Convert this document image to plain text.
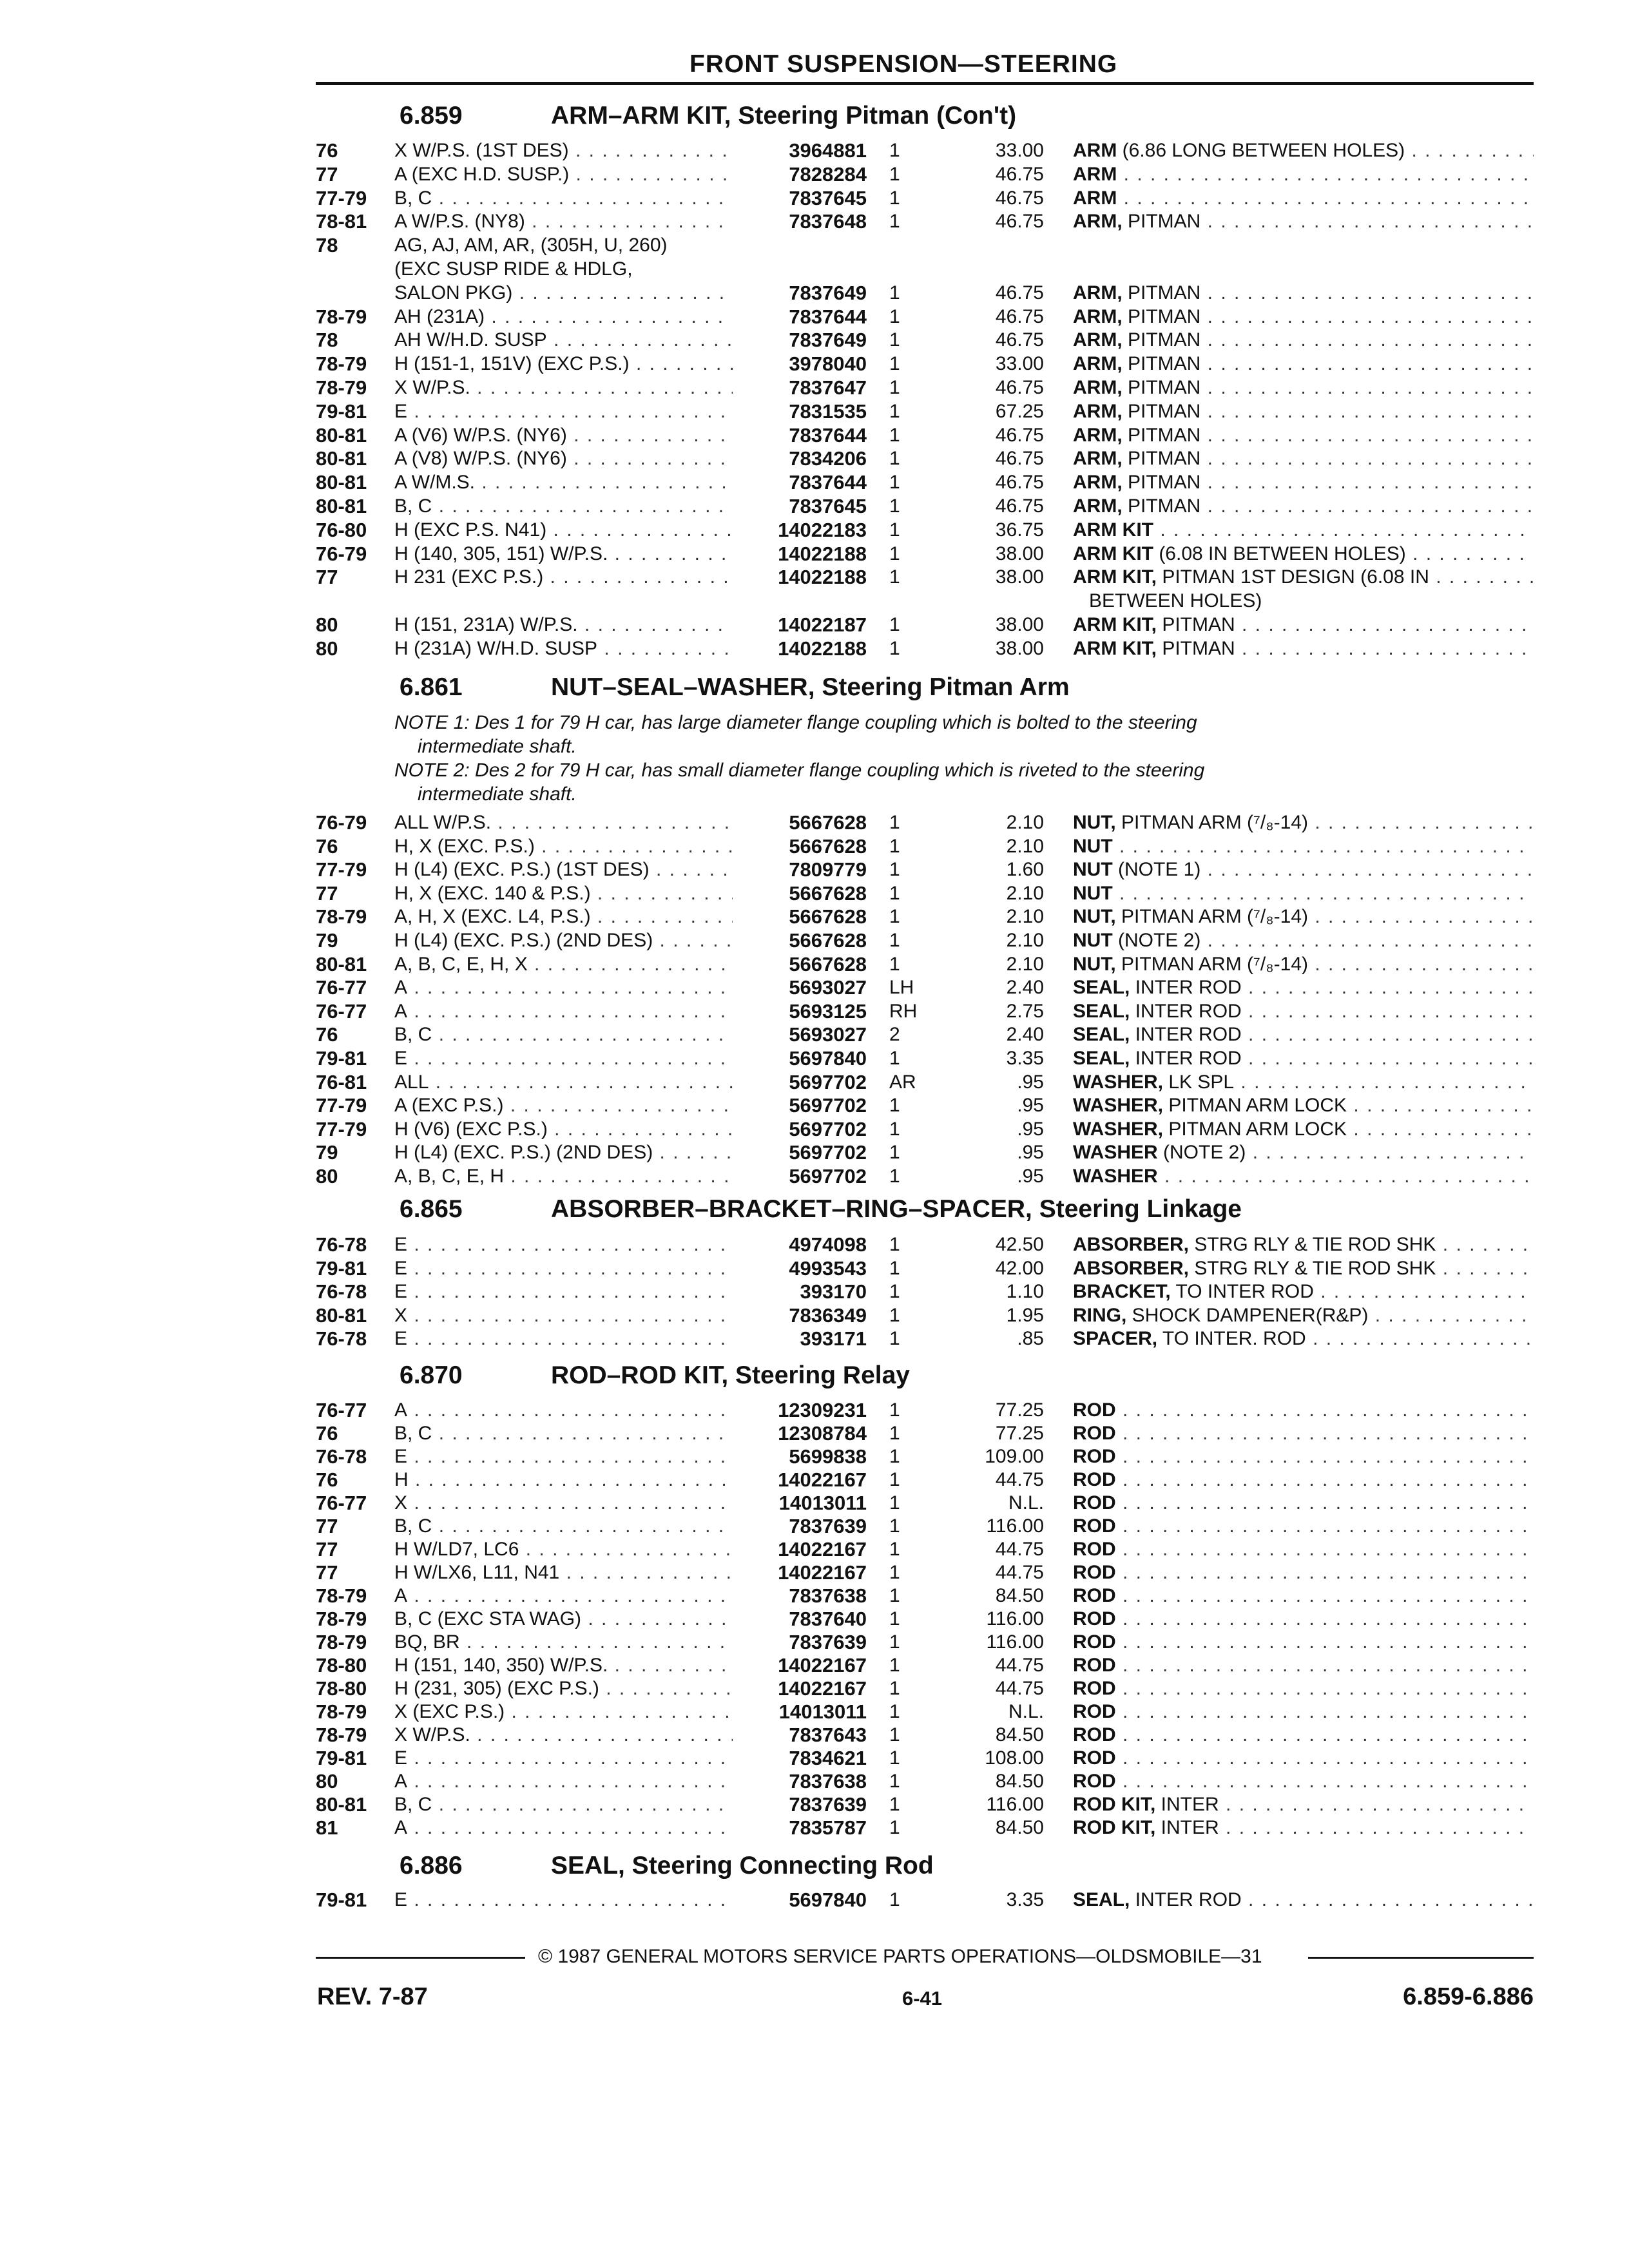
FRONT SUSPENSION—STEERING
6.859	ARM–ARM KIT, Steering Pitman (Con't)
76	X W/P.S. (1ST DES) . . .	3964881 1	33.00 ARM (6.86 LONG BETWEEN HOLES) . . .
77	A (EXC H.D. SUSP.) . . .	7828284 1	46.75 ARM . . .
77-79 B, C . . .	7837645 1	46.75 ARM . . .
78-81 A W/P.S. (NY8) . . .	7837648 1	46.75 ARM, PITMAN . . .
78	AG, AJ, AM, AR, (305H, U, 260)
(EXC SUSP RIDE & HDLG,
SALON PKG) . . .	7837649 1	46.75 ARM, PITMAN . . .
78-79 AH (231A) . . .	7837644 1	46.75 ARM, PITMAN . . .
78	AH W/H.D. SUSP . . .	7837649 1	46.75 ARM, PITMAN . . .
78-79 H (151-1, 151V) (EXC P.S.) . . .	3978040 1	33.00 ARM, PITMAN . . .
78-79 X W/P.S. . . .	7837647 1	46.75 ARM, PITMAN . . .
79-81 E . . .	7831535 1	67.25 ARM, PITMAN . . .
80-81 A (V6) W/P.S. (NY6) . . .	7837644 1	46.75 ARM, PITMAN . . .
80-81 A (V8) W/P.S. (NY6) . . .	7834206 1	46.75 ARM, PITMAN . . .
80-81 A W/M.S. . . .	7837644 1	46.75 ARM, PITMAN . . .
80-81 B, C . . .	7837645 1	46.75 ARM, PITMAN . . .
76-80 H (EXC P.S. N41) . . .	14022183 1	36.75 ARM KIT . . .
76-79 H (140, 305, 151) W/P.S. . . .	14022188 1	38.00 ARM KIT (6.08 IN BETWEEN HOLES) . . .
77	H 231 (EXC P.S.) . . .	14022188 1	38.00 ARM KIT, PITMAN 1ST DESIGN (6.08 IN . . .
BETWEEN HOLES)
80	H (151, 231A) W/P.S. . . .	14022187 1	38.00 ARM KIT, PITMAN . . .
80	H (231A) W/H.D. SUSP . . .	14022188 1	38.00 ARM KIT, PITMAN . . .
6.861	NUT–SEAL–WASHER, Steering Pitman Arm
NOTE 1: Des 1 for 79 H car, has large diameter flange coupling which is bolted to the steering
intermediate shaft.
NOTE 2: Des 2 for 79 H car, has small diameter flange coupling which is riveted to the steering
intermediate shaft.
76-79 ALL W/P.S. . . .	5667628 1	2.10 NUT, PITMAN ARM (⁷/₈-14) . . .
76	H, X (EXC. P.S.) . . .	5667628 1	2.10 NUT . . .
77-79 H (L4) (EXC. P.S.) (1ST DES) . . .	7809779 1	1.60 NUT (NOTE 1) . . .
77	H, X (EXC. 140 & P.S.) . . .	5667628 1	2.10 NUT . . .
78-79 A, H, X (EXC. L4, P.S.) . . .	5667628 1	2.10 NUT, PITMAN ARM (⁷/₈-14) . . .
79	H (L4) (EXC. P.S.) (2ND DES) . . .	5667628 1	2.10 NUT (NOTE 2) . . .
80-81 A, B, C, E, H, X . . .	5667628 1	2.10 NUT, PITMAN ARM (⁷/₈-14) . . .
76-77 A . . .	5693027 LH	2.40 SEAL, INTER ROD . . .
76-77 A . . .	5693125 RH	2.75 SEAL, INTER ROD . . .
76	B, C . . .	5693027 2	2.40 SEAL, INTER ROD . . .
79-81 E . . .	5697840 1	3.35 SEAL, INTER ROD . . .
76-81 ALL . . .	5697702 AR	.95 WASHER, LK SPL . . .
77-79 A (EXC P.S.) . . .	5697702 1	.95 WASHER, PITMAN ARM LOCK . . .
77-79 H (V6) (EXC P.S.) . . .	5697702 1	.95 WASHER, PITMAN ARM LOCK . . .
79	H (L4) (EXC. P.S.) (2ND DES) . . .	5697702 1	.95 WASHER (NOTE 2) . . .
80	A, B, C, E, H . . .	5697702 1	.95 WASHER . . .
6.865	ABSORBER–BRACKET–RING–SPACER, Steering Linkage
76-78 E . . .	4974098 1	42.50 ABSORBER, STRG RLY & TIE ROD SHK . . .
79-81 E . . .	4993543 1	42.00 ABSORBER, STRG RLY & TIE ROD SHK . . .
76-78 E . . .	393170 1	1.10 BRACKET, TO INTER ROD . . .
80-81 X . . .	7836349 1	1.95 RING, SHOCK DAMPENER(R&P) . . .
76-78 E . . .	393171 1	.85 SPACER, TO INTER. ROD . . .
6.870	ROD–ROD KIT, Steering Relay
76-77 A . . .	12309231 1	77.25 ROD . . .
76	B, C . . .	12308784 1	77.25 ROD . . .
76-78 E . . .	5699838 1	109.00 ROD . . .
76	H . . .	14022167 1	44.75 ROD . . .
76-77 X . . .	14013011 1	N.L. ROD . . .
77	B, C . . .	7837639 1	116.00 ROD . . .
77	H W/LD7, LC6 . . .	14022167 1	44.75 ROD . . .
77	H W/LX6, L11, N41 . . .	14022167 1	44.75 ROD . . .
78-79 A . . .	7837638 1	84.50 ROD . . .
78-79 B, C (EXC STA WAG) . . .	7837640 1	116.00 ROD . . .
78-79 BQ, BR . . .	7837639 1	116.00 ROD . . .
78-80 H (151, 140, 350) W/P.S. . . .	14022167 1	44.75 ROD . . .
78-80 H (231, 305) (EXC P.S.) . . .	14022167 1	44.75 ROD . . .
78-79 X (EXC P.S.) . . .	14013011 1	N.L. ROD . . .
78-79 X W/P.S. . . .	7837643 1	84.50 ROD . . .
79-81 E . . .	7834621 1	108.00 ROD . . .
80	A . . .	7837638 1	84.50 ROD . . .
80-81 B, C . . .	7837639 1	116.00 ROD KIT, INTER . . .
81	A . . .	7835787 1	84.50 ROD KIT, INTER . . .
6.886	SEAL, Steering Connecting Rod
79-81 E . . .	5697840 1	3.35 SEAL, INTER ROD . . .
© 1987 GENERAL MOTORS SERVICE PARTS OPERATIONS—OLDSMOBILE—31
REV. 7-87	6-41	6.859-6.886
